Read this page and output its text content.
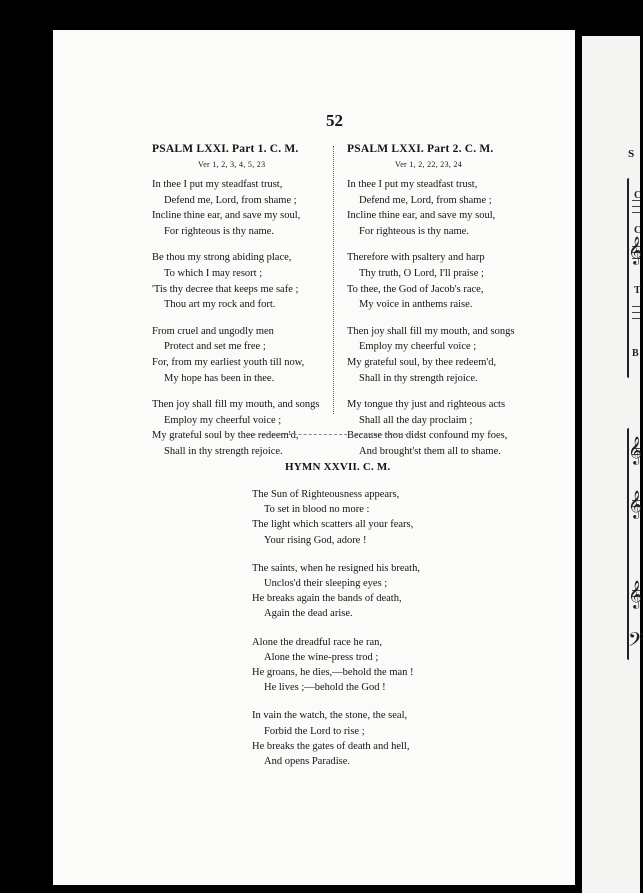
52
PSALM LXXI. Part 1. C. M.
Ver 1, 2, 3, 4, 5, 23
In thee I put my steadfast trust,
Defend me, Lord, from shame ;
Incline thine ear, and save my soul,
For righteous is thy name.
Be thou my strong abiding place,
To which I may resort ;
'Tis thy decree that keeps me safe ;
Thou art my rock and fort.
From cruel and ungodly men
Protect and set me free ;
For, from my earliest youth till now,
My hope has been in thee.
Then joy shall fill my mouth, and songs
Employ my cheerful voice ;
My grateful soul by thee redeem'd,
Shall in thy strength rejoice.
PSALM LXXI. Part 2. C. M.
Ver 1, 2, 22, 23, 24
In thee I put my steadfast trust,
Defend me, Lord, from shame ;
Incline thine ear, and save my soul,
For righteous is thy name.
Therefore with psaltery and harp
Thy truth, O Lord, I'll praise ;
To thee, the God of Jacob's race,
My voice in anthems raise.
Then joy shall fill my mouth, and songs
Employ my cheerful voice ;
My grateful soul, by thee redeem'd,
Shall in thy strength rejoice.
My tongue thy just and righteous acts
Shall all the day proclaim ;
Because thou didst confound my foes,
And brought'st them all to shame.
HYMN XXVII. C. M.
The Sun of Righteousness appears,
To set in blood no more :
The light which scatters all your fears,
Your rising God, adore !
The saints, when he resigned his breath,
Unclos'd their sleeping eyes ;
He breaks again the bands of death,
Again the dead arise.
Alone the dreadful race he ran,
Alone the wine-press trod ;
He groans, he dies,—behold the man !
He lives ;—behold the God !
In vain the watch, the stone, the seal,
Forbid the Lord to rise ;
He breaks the gates of death and hell,
And opens Paradise.
S
C
C
T
B
𝄞
𝄞
𝄞
𝄞
𝄢
